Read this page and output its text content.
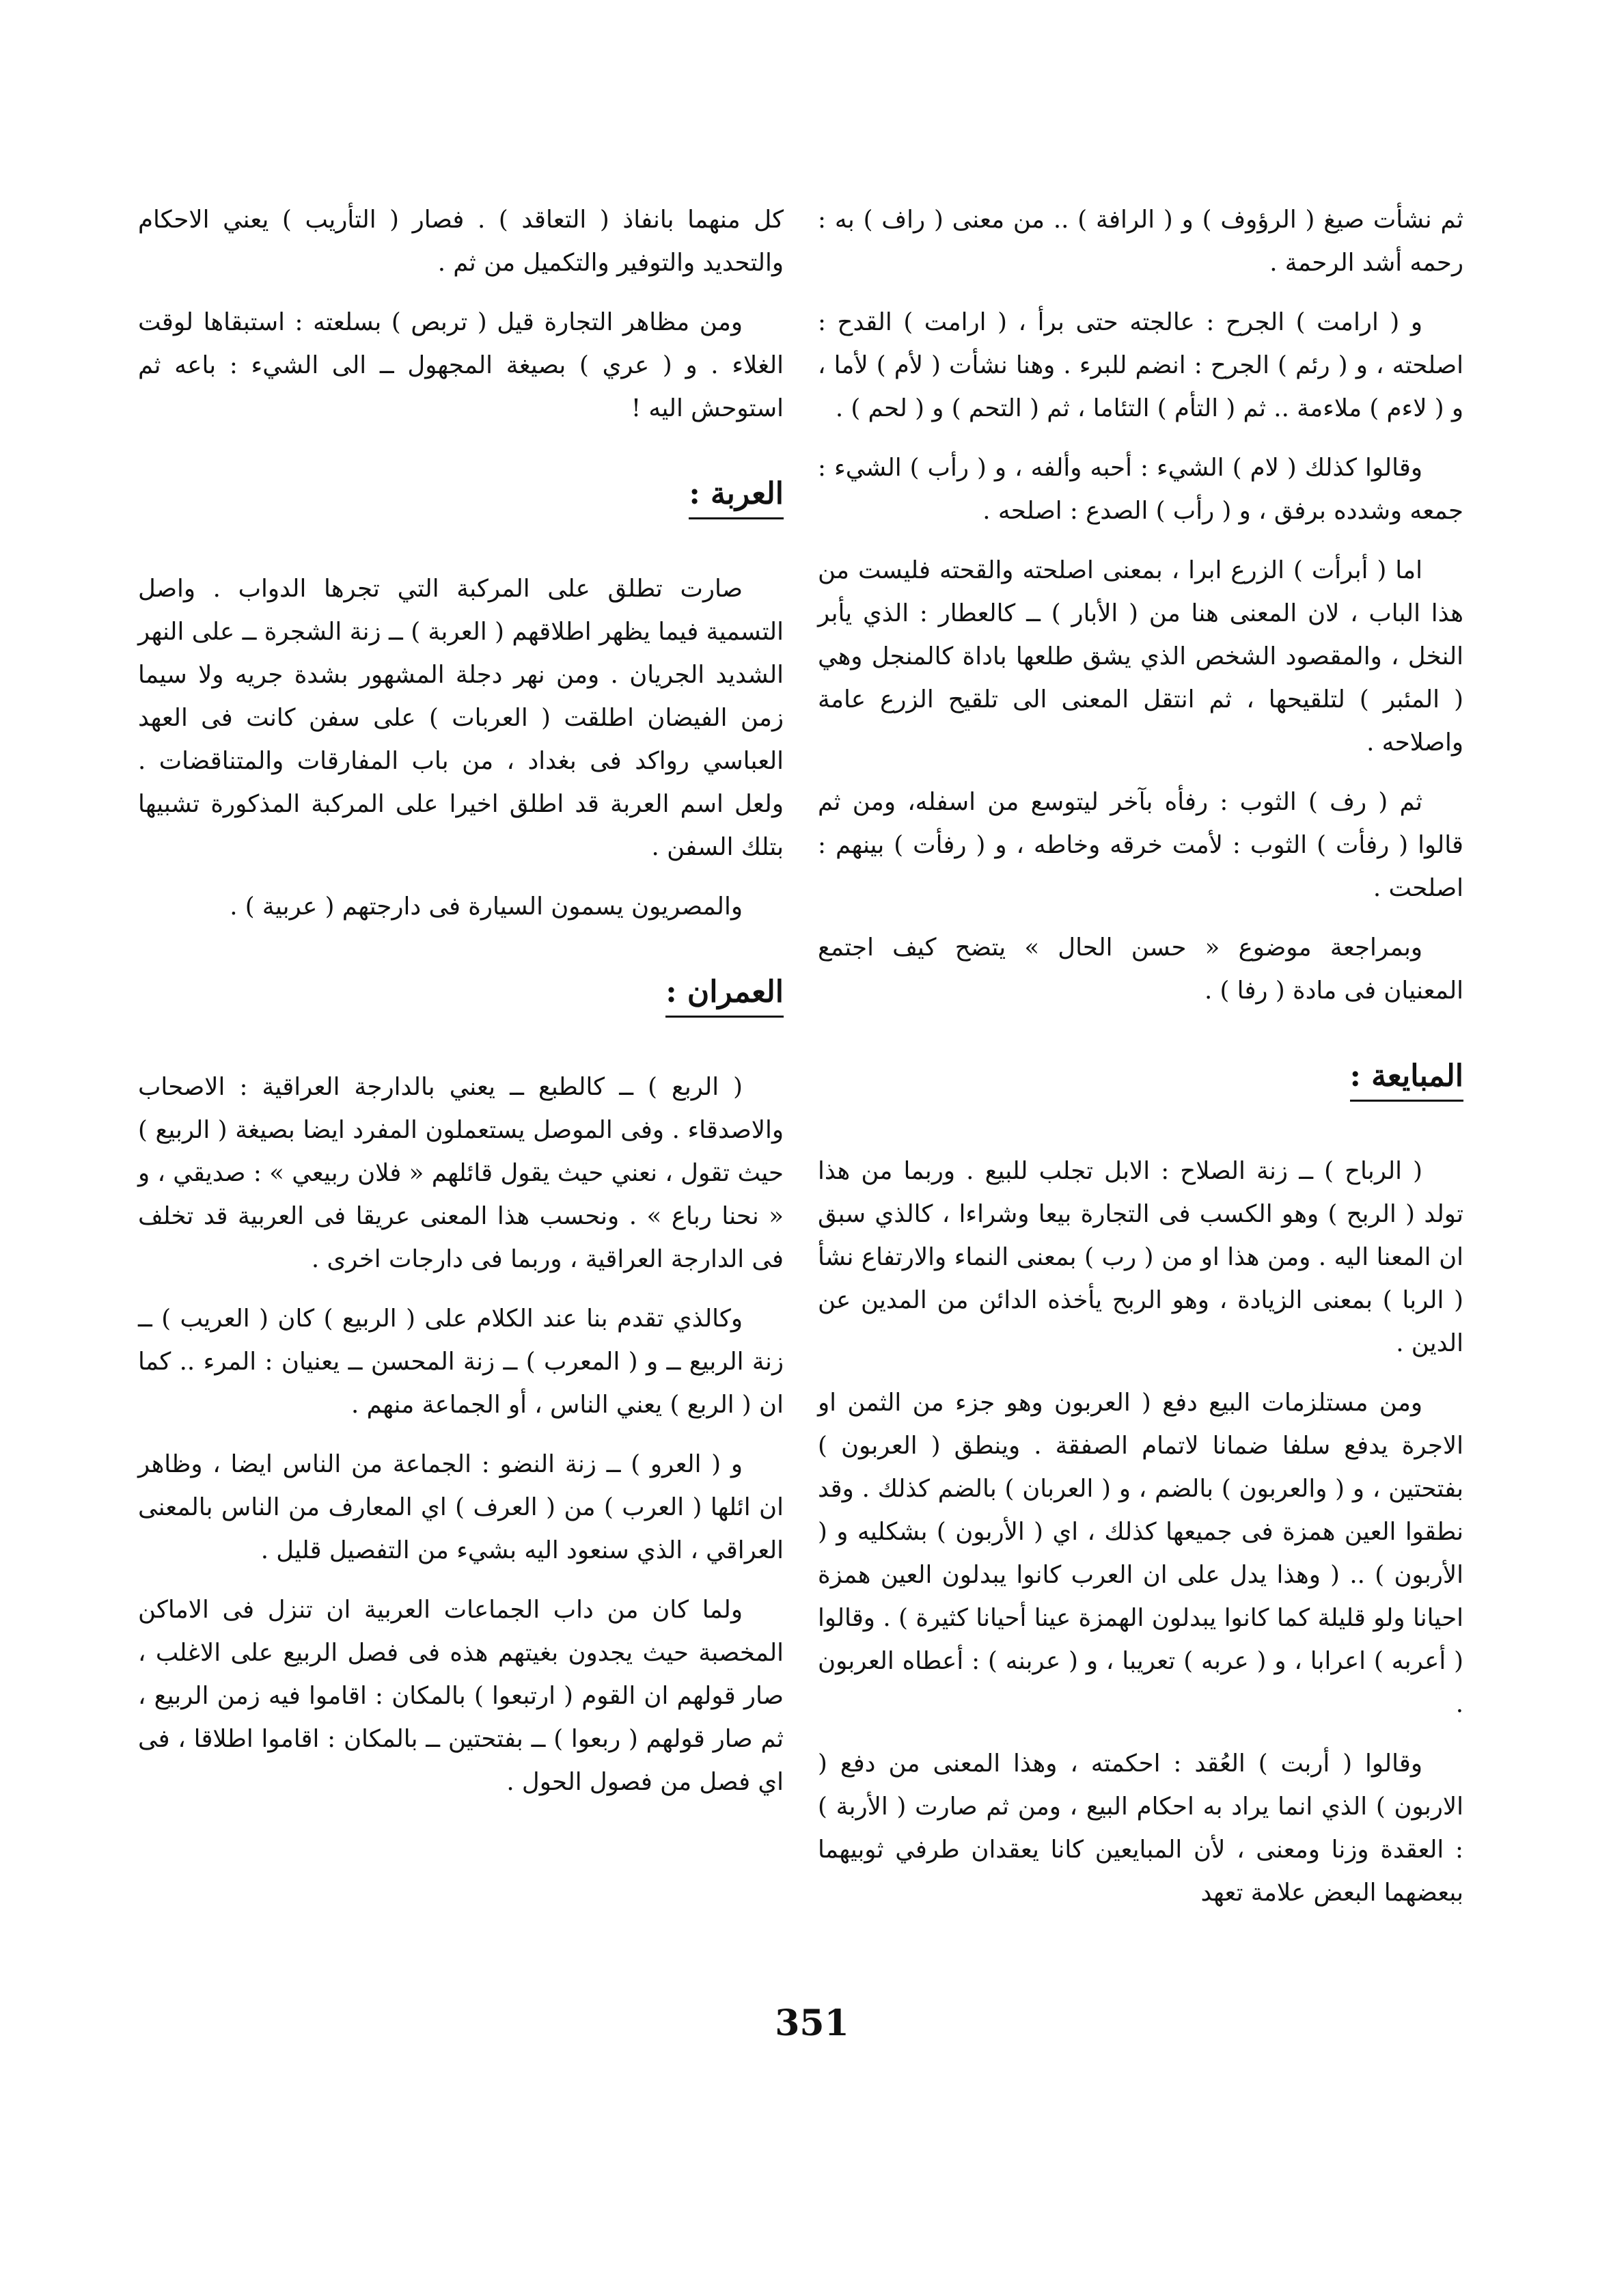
ثم نشأت صيغ ( الرؤوف ) و ( الرافة ) .. من معنى ( راف ) به : رحمه أشد الرحمة .

و ( ارامت ) الجرح : عالجته حتى برأ ، ( ارامت ) القدح : اصلحته ، و ( رئم ) الجرح : انضم للبرء . وهنا نشأت ( لأم ) لأما ، و ( لاءم ) ملاءمة .. ثم ( التأم ) التئاما ، ثم ( التحم ) و ( لحم ) .

وقالوا كذلك ( لام ) الشيء : أحبه وألفه ، و ( رأب ) الشيء : جمعه وشدده برفق ، و ( رأب ) الصدع : اصلحه .

اما ( أبرأت ) الزرع ابرا ، بمعنى اصلحته والقحته فليست من هذا الباب ، لان المعنى هنا من ( الأبار ) ــ كالعطار : الذي يأبر النخل ، والمقصود الشخص الذي يشق طلعها باداة كالمنجل وهي ( المئبر ) لتلقيحها ، ثم انتقل المعنى الى تلقيح الزرع عامة واصلاحه .

ثم ( رف ) الثوب : رفأه بآخر ليتوسع من اسفله، ومن ثم قالوا ( رفأت ) الثوب : لأمت خرقه وخاطه ، و ( رفأت ) بينهم : اصلحت .

وبمراجعة موضوع « حسن الحال » يتضح كيف اجتمع المعنيان فى مادة ( رفا ) .

المبايعة :

( الرباح ) ــ زنة الصلاح : الابل تجلب للبيع . وربما من هذا تولد ( الربح ) وهو الكسب فى التجارة بيعا وشراءا ، كالذي سبق ان المعنا اليه . ومن هذا او من ( رب ) بمعنى النماء والارتفاع نشأ ( الربا ) بمعنى الزيادة ، وهو الربح يأخذه الدائن من المدين عن الدين .

ومن مستلزمات البيع دفع ( العربون وهو جزء من الثمن او الاجرة يدفع سلفا ضمانا لاتمام الصفقة . وينطق ( العربون ) بفتحتين ، و ( والعربون ) بالضم ، و ( العربان ) بالضم كذلك . وقد نطقوا العين همزة فى جميعها كذلك ، اي ( الأربون ) بشكليه و ( الأربون ) .. ( وهذا يدل على ان العرب كانوا يبدلون العين همزة احيانا ولو قليلة كما كانوا يبدلون الهمزة عينا أحيانا كثيرة ) . وقالوا ( أعربه ) اعرابا ، و ( عربه ) تعريبا ، و ( عربنه ) : أعطاه العربون .

وقالوا ( أربت ) العُقد : احكمته ، وهذا المعنى من دفع ( الاربون ) الذي انما يراد به احكام البيع ، ومن ثم صارت ( الأربة ) : العقدة وزنا ومعنى ، لأن المبايعين كانا يعقدان طرفي ثوبيهما ببعضهما البعض علامة تعهد

كل منهما بانفاذ ( التعاقد ) . فصار ( التأريب ) يعني الاحكام والتحديد والتوفير والتكميل من ثم .

ومن مظاهر التجارة قيل ( تربص ) بسلعته : استبقاها لوقت الغلاء . و ( عري ) بصيغة المجهول ــ الى الشيء : باعه ثم استوحش اليه !

العربة :

صارت تطلق على المركبة التي تجرها الدواب . واصل التسمية فيما يظهر اطلاقهم ( العربة ) ــ زنة الشجرة ــ على النهر الشديد الجريان . ومن نهر دجلة المشهور بشدة جريه ولا سيما زمن الفيضان اطلقت ( العربات ) على سفن كانت فى العهد العباسي رواكد فى بغداد ، من باب المفارقات والمتناقضات . ولعل اسم العربة قد اطلق اخيرا على المركبة المذكورة تشبيها بتلك السفن .

والمصريون يسمون السيارة فى دارجتهم ( عربية ) .

العمران :

( الربع ) ــ كالطبع ــ يعني بالدارجة العراقية : الاصحاب والاصدقاء . وفى الموصل يستعملون المفرد ايضا بصيغة ( الربيع ) حيث تقول ، نعني حيث يقول قائلهم « فلان ربيعي » : صديقي ، و « نحنا رباع » . ونحسب هذا المعنى عريقا فى العربية قد تخلف فى الدارجة العراقية ، وربما فى دارجات اخرى .

وكالذي تقدم بنا عند الكلام على ( الربيع ) كان ( العريب ) ــ زنة الربيع ــ و ( المعرب ) ــ زنة المحسن ــ يعنيان : المرء .. كما ان ( الربع ) يعني الناس ، أو الجماعة منهم .

و ( العرو ) ــ زنة النضو : الجماعة من الناس ايضا ، وظاهر ان ائلها ( العرب ) من ( العرف ) اي المعارف من الناس بالمعنى العراقي ، الذي سنعود اليه بشيء من التفصيل قليل .

ولما كان من داب الجماعات العربية ان تنزل فى الاماكن المخصبة حيث يجدون بغيتهم هذه فى فصل الربيع على الاغلب ، صار قولهم ان القوم ( ارتبعوا ) بالمكان : اقاموا فيه زمن الربيع ، ثم صار قولهم ( ربعوا ) ــ بفتحتين ــ بالمكان : اقاموا اطلاقا ، فى اي فصل من فصول الحول .

351
